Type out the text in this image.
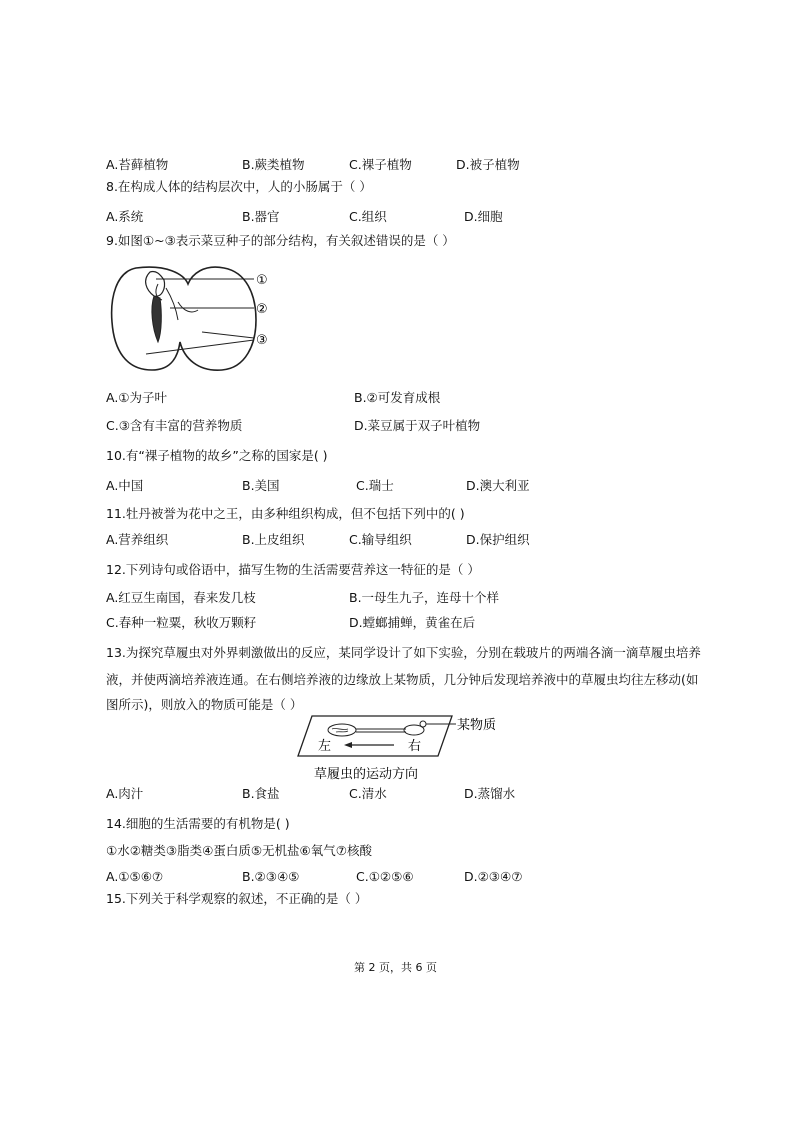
A.苔藓植物	B.蕨类植物	C.裸子植物	D.被子植物
8.在构成人体的结构层次中，人的小肠属于（ ）
A.系统	B.器官	C.组织	D.细胞
9.如图①~③表示菜豆种子的部分结构，有关叙述错误的是（ ）
①
②
③
A.①为子叶	B.②可发育成根
C.③含有丰富的营养物质	D.菜豆属于双子叶植物
10.有“裸子植物的故乡”之称的国家是( )
A.中国	B.美国	C.瑞士	D.澳大利亚
11.牡丹被誉为花中之王，由多种组织构成，但不包括下列中的( )
A.营养组织	B.上皮组织	C.输导组织	D.保护组织
12.下列诗句或俗语中，描写生物的生活需要营养这一特征的是（ ）
A.红豆生南国，春来发几枝	B.一母生九子，连母十个样
C.春种一粒粟，秋收万颗籽	D.螳螂捕蝉，黄雀在后
13.为探究草履虫对外界刺激做出的反应，某同学设计了如下实验，分别在载玻片的两端各滴一滴草履虫培养
液，并使两滴培养液连通。在右侧培养液的边缘放上某物质，几分钟后发现培养液中的草履虫均往左移动(如
图所示)，则放入的物质可能是（ ）
某物质
左	右
草履虫的运动方向
A.肉汁	B.食盐	C.清水	D.蒸馏水
14.细胞的生活需要的有机物是( )
①水②糖类③脂类④蛋白质⑤无机盐⑥氧气⑦核酸
A.①⑤⑥⑦	B.②③④⑤	C.①②⑤⑥	D.②③④⑦
15.下列关于科学观察的叙述，不正确的是（ ）
第 2 页，共 6 页
